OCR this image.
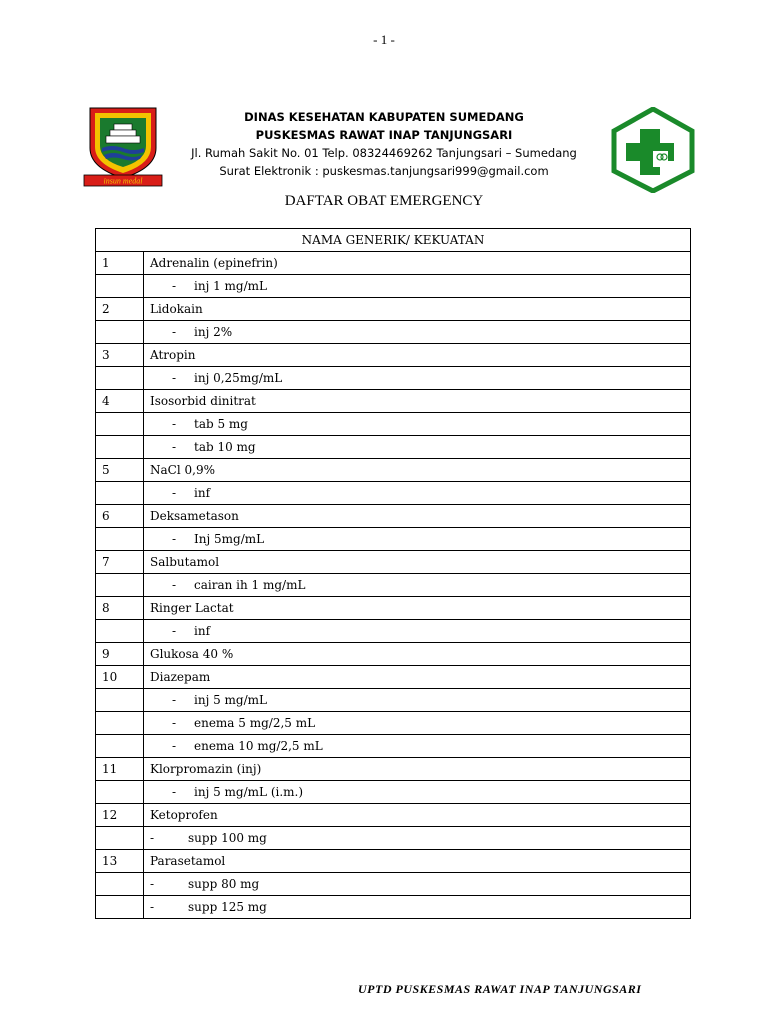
- 1 -
insun medal
DINAS KESEHATAN KABUPATEN SUMEDANG
PUSKESMAS RAWAT INAP TANJUNGSARI
Jl. Rumah Sakit No. 01 Telp. 08324469262 Tanjungsari – Sumedang
Surat Elektronik : puskesmas.tanjungsari999@gmail.com
DAFTAR OBAT EMERGENCY
NAMA GENERIK/ KEKUATAN	
1	Adrenalin (epinefrin)
	- inj 1 mg/mL
2	Lidokain
	- inj 2%
3	Atropin
	- inj 0,25mg/mL
4	Isosorbid dinitrat
	- tab 5 mg
	- tab 10 mg
5	NaCl 0,9%
	- inf
6	Deksametason
	- Inj 5mg/mL
7	Salbutamol
	- cairan ih 1 mg/mL
8	Ringer Lactat
	- inf
9	Glukosa 40 %
10	Diazepam
	- inj 5 mg/mL
	- enema 5 mg/2,5 mL
	- enema 10 mg/2,5 mL
11	Klorpromazin (inj)
	- inj 5 mg/mL (i.m.)
12	Ketoprofen
	- supp 100 mg
13	Parasetamol
	- supp 80 mg
	- supp 125 mg
UPTD PUSKESMAS RAWAT INAP TANJUNGSARI
